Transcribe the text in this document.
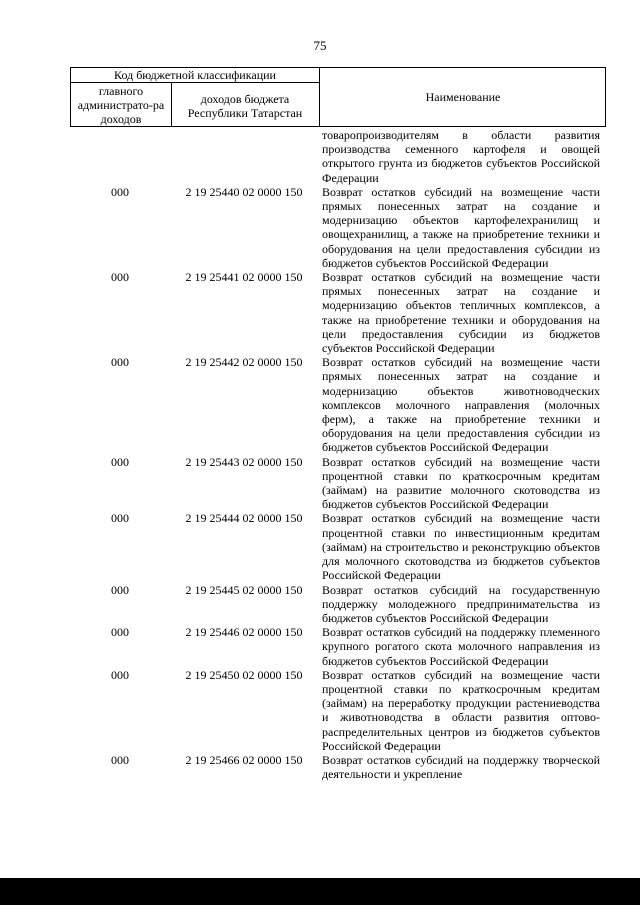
75
Код бюджетной классификации
главного администрато-ра доходов
доходов бюджета Республики Татарстан
Наименование
товаропроизводителям в области развития производства семенного картофеля и овощей открытого грунта из бюджетов субъектов Российской Федерации
000	2 19 25440 02 0000 150	Возврат остатков субсидий на возмещение части прямых понесенных затрат на создание и модернизацию объектов картофелехранилищ и овощехранилищ, а также на приобретение техники и оборудования на цели предоставления субсидии из бюджетов субъектов Российской Федерации
000	2 19 25441 02 0000 150	Возврат остатков субсидий на возмещение части прямых понесенных затрат на создание и модернизацию объектов тепличных комплексов, а также на приобретение техники и оборудования на цели предоставления субсидии из бюджетов субъектов Российской Федерации
000	2 19 25442 02 0000 150	Возврат остатков субсидий на возмещение части прямых понесенных затрат на создание и модернизацию объектов животноводческих комплексов молочного направления (молочных ферм), а также на приобретение техники и оборудования на цели предоставления субсидии из бюджетов субъектов Российской Федерации
000	2 19 25443 02 0000 150	Возврат остатков субсидий на возмещение части процентной ставки по краткосрочным кредитам (займам) на развитие молочного скотоводства из бюджетов субъектов Российской Федерации
000	2 19 25444 02 0000 150	Возврат остатков субсидий на возмещение части процентной ставки по инвестиционным кредитам (займам) на строительство и реконструкцию объектов для молочного скотоводства из бюджетов субъектов Российской Федерации
000	2 19 25445 02 0000 150	Возврат остатков субсидий на государственную поддержку молодежного предпринимательства из бюджетов субъектов Российской Федерации
000	2 19 25446 02 0000 150	Возврат остатков субсидий на поддержку племенного крупного рогатого скота молочного направления из бюджетов субъектов Российской Федерации
000	2 19 25450 02 0000 150	Возврат остатков субсидий на возмещение части процентной ставки по краткосрочным кредитам (займам) на переработку продукции растениеводства и животноводства в области развития оптово-распределительных центров из бюджетов субъектов Российской Федерации
000	2 19 25466 02 0000 150	Возврат остатков субсидий на поддержку творческой деятельности и укрепление
